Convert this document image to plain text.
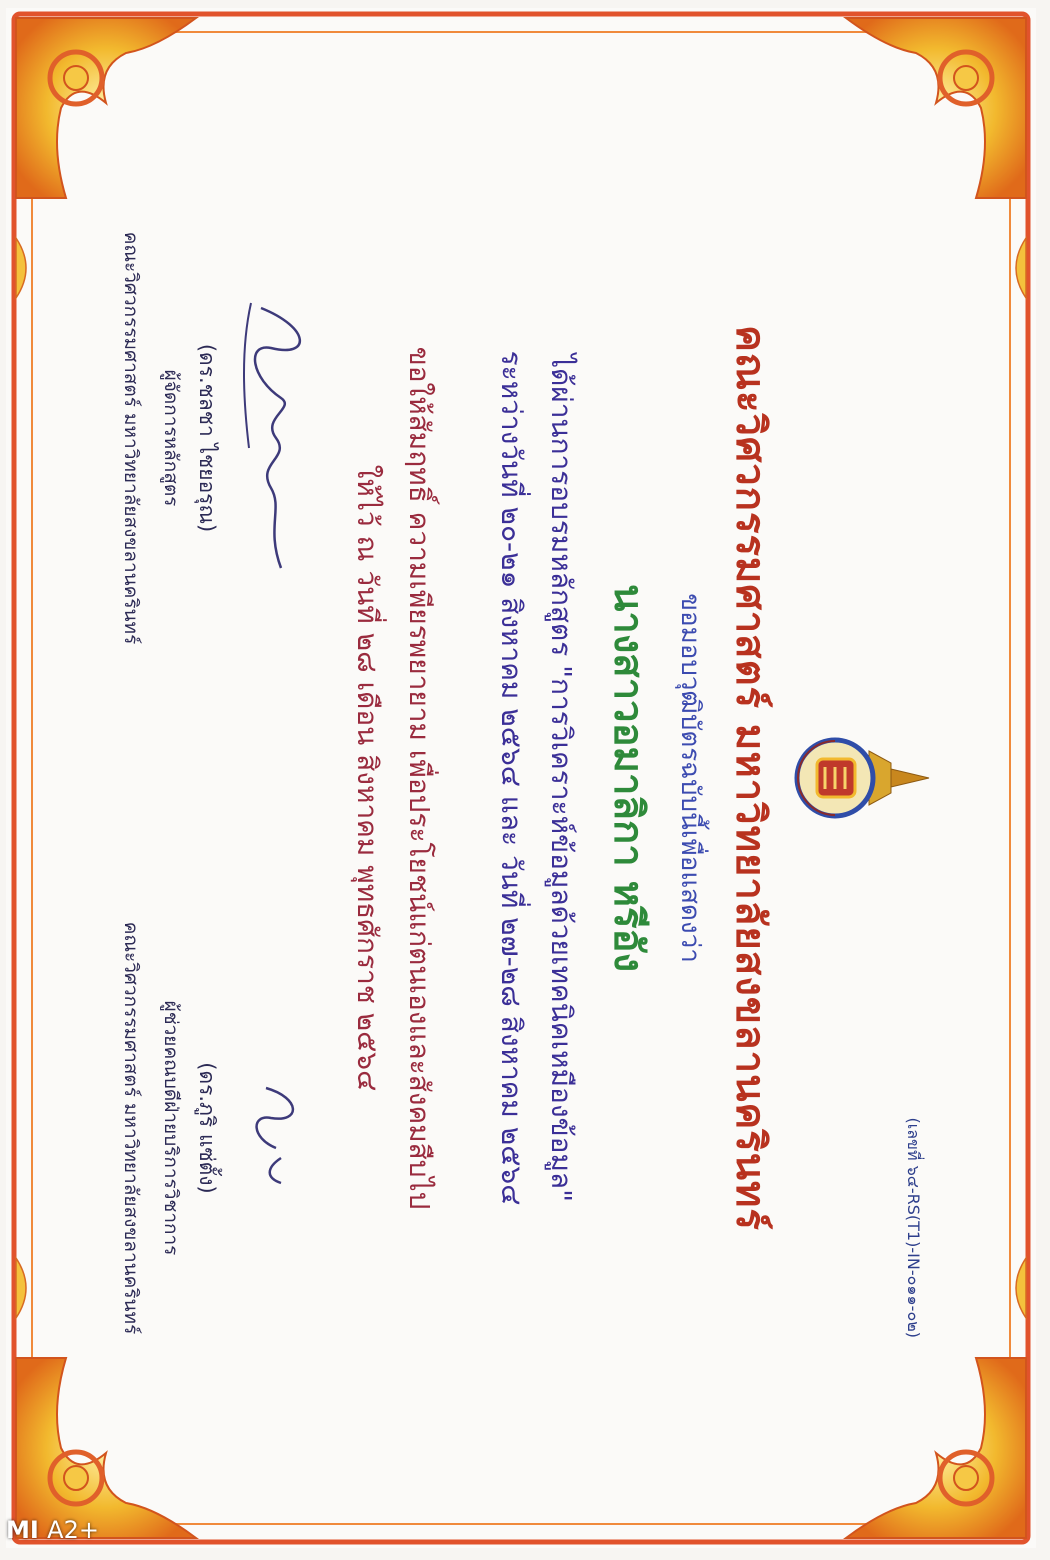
(เลขที่ ๖๔-RS(T1)-IN-๐๑๑-๐๒)
คณะวิศวกรรมศาสตร์ มหาวิทยาลัยสงขลานครินทร์
ขอมอบวุฒิบัตรฉบับนี้เพื่อแสดงว่า
นางสาวอมาลิกา หรีอัง
ได้ผ่านการอบรมหลักสูตร "การวิเคราะห์ข้อมูลด้วยเทคนิคเหมืองข้อมูล"
ระหว่างวันที่ ๒๐-๒๑ สิงหาคม ๒๕๖๔ และ วันที่ ๒๗-๒๘ สิงหาคม ๒๕๖๔
ขอให้สัมฤทธิ์ ความเพียรพยายาม เพื่อประโยชน์แก่ตนเองและสังคมสืบไป
ให้ไว้ ณ วันที่ ๒๘ เดือน สิงหาคม พุทธศักราช ๒๕๖๔
(ดร.ชลชา ไชยอรุณ)
ผู้จัดการหลักสูตร
คณะวิศวกรรมศาสตร์ มหาวิทยาลัยสงขลานครินทร์
(ดร.ภูริ แซ่ตั้ง)
ผู้ช่วยคณบดีฝ่ายบริการวิชาการ
คณะวิศวกรรมศาสตร์ มหาวิทยาลัยสงขลานครินทร์
MI A2+
